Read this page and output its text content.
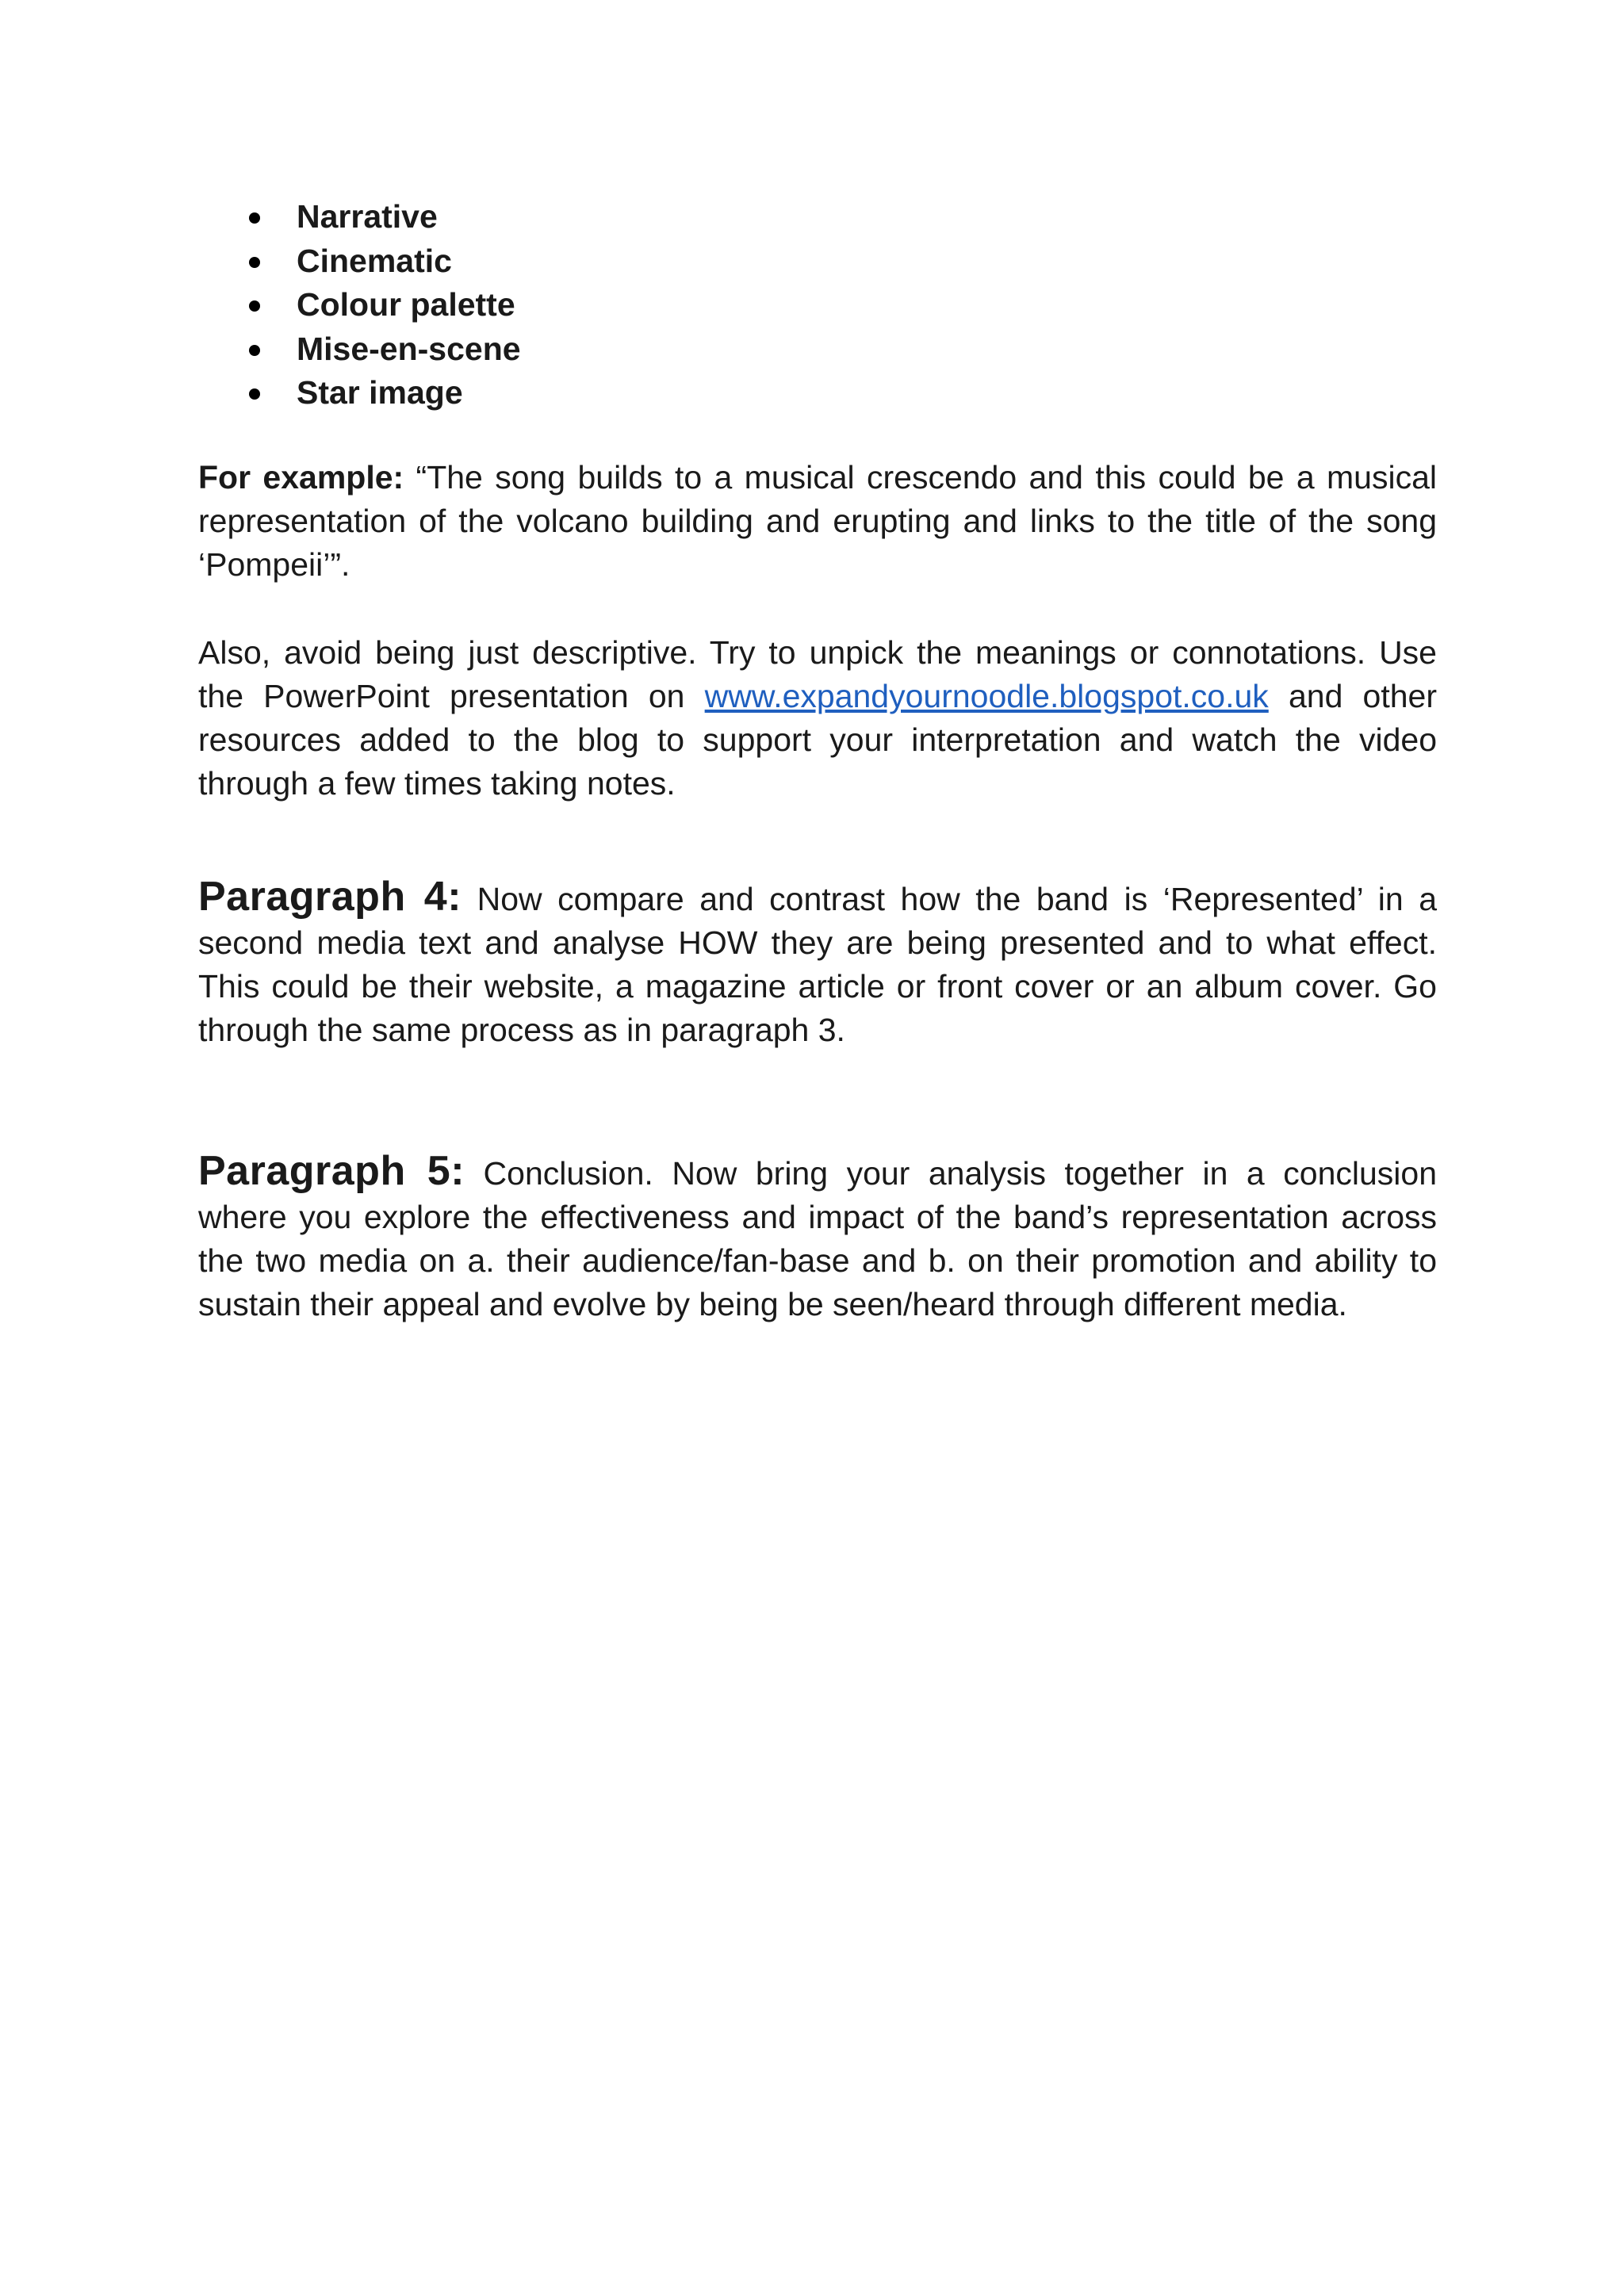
Narrative
Cinematic
Colour palette
Mise-en-scene
Star image

For example: “The song builds to a musical crescendo and this could be a musical representation of the volcano building and erupting and links to the title of the song ‘Pompeii’”.

Also, avoid being just descriptive. Try to unpick the meanings or connotations. Use the PowerPoint presentation on www.expandyournoodle.blogspot.co.uk and other resources added to the blog to support your interpretation and watch the video through a few times taking notes.

Paragraph 4: Now compare and contrast how the band is ‘Represented’ in a second media text and analyse HOW they are being presented and to what effect. This could be their website, a magazine article or front cover or an album cover. Go through the same process as in paragraph 3.

Paragraph 5: Conclusion. Now bring your analysis together in a conclusion where you explore the effectiveness and impact of the band’s representation across the two media on a. their audience/fan-base and b. on their promotion and ability to sustain their appeal and evolve by being be seen/heard through different media.
